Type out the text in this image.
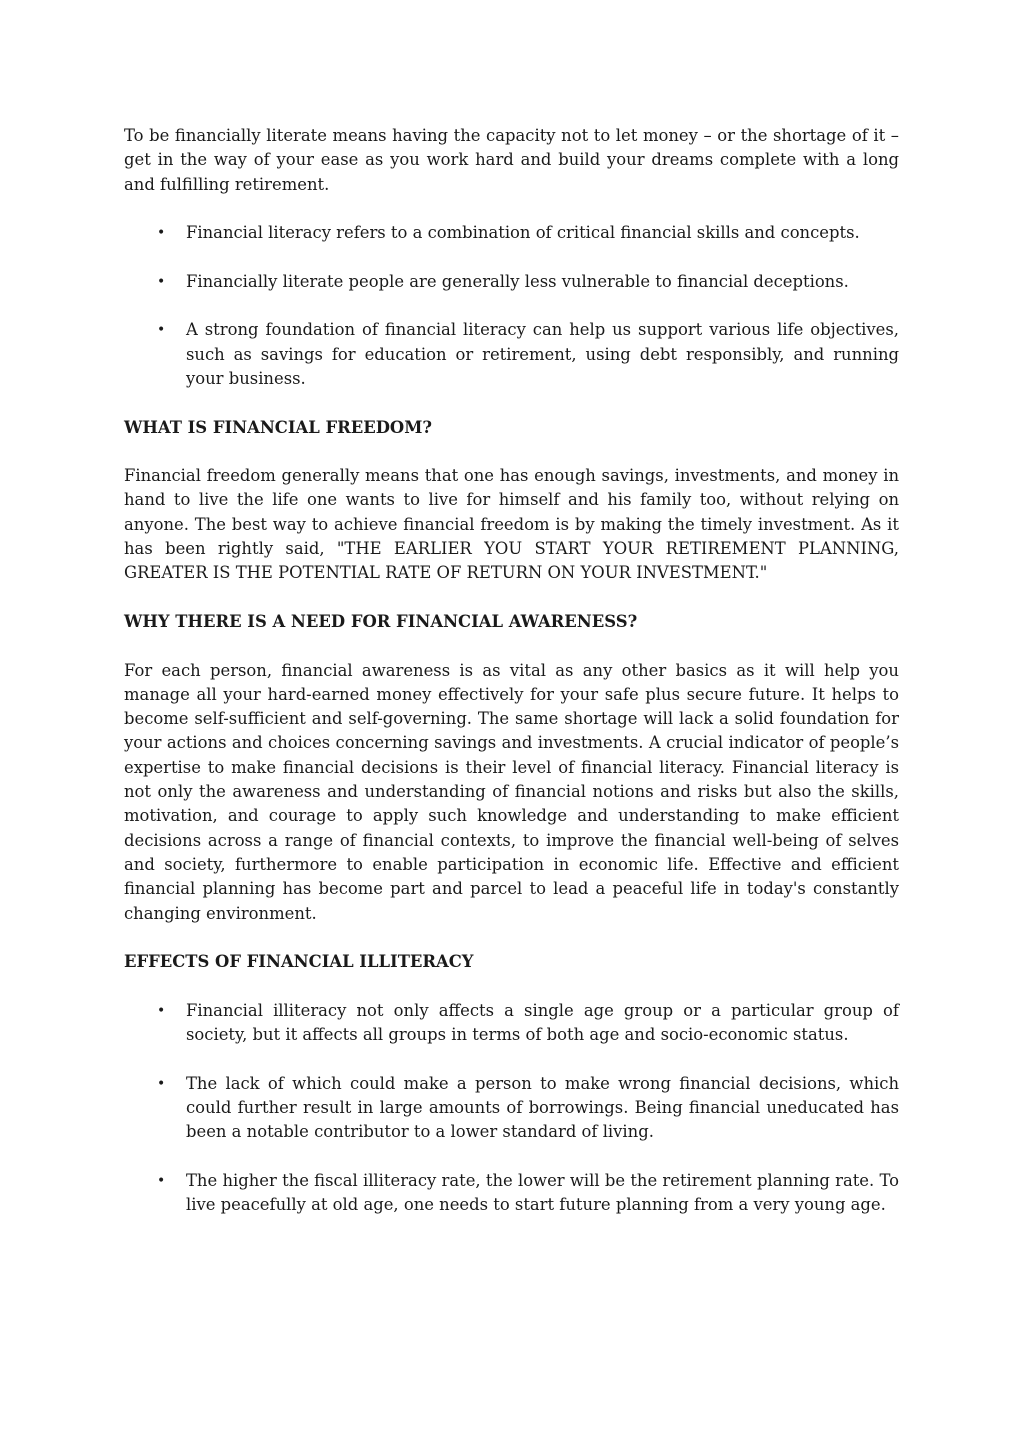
To be financially literate means having the capacity not to let money – or the shortage of it – get in the way of your ease as you work hard and build your dreams complete with a long and fulfilling retirement.

• Financial literacy refers to a combination of critical financial skills and concepts.
• Financially literate people are generally less vulnerable to financial deceptions.
• A strong foundation of financial literacy can help us support various life objectives, such as savings for education or retirement, using debt responsibly, and running your business.
WHAT IS FINANCIAL FREEDOM?

Financial freedom generally means that one has enough savings, investments, and money in hand to live the life one wants to live for himself and his family too, without relying on anyone. The best way to achieve financial freedom is by making the timely investment. As it has been rightly said, "THE EARLIER YOU START YOUR RETIREMENT PLANNING, GREATER IS THE POTENTIAL RATE OF RETURN ON YOUR INVESTMENT."

WHY THERE IS A NEED FOR FINANCIAL AWARENESS?

For each person, financial awareness is as vital as any other basics as it will help you manage all your hard-earned money effectively for your safe plus secure future. It helps to become self-sufficient and self-governing. The same shortage will lack a solid foundation for your actions and choices concerning savings and investments. A crucial indicator of people’s expertise to make financial decisions is their level of financial literacy. Financial literacy is not only the awareness and understanding of financial notions and risks but also the skills, motivation, and courage to apply such knowledge and understanding to make efficient decisions across a range of financial contexts, to improve the financial well-being of selves and society, furthermore to enable participation in economic life. Effective and efficient financial planning has become part and parcel to lead a peaceful life in today's constantly changing environment.

EFFECTS OF FINANCIAL ILLITERACY
• Financial illiteracy not only affects a single age group or a particular group of society, but it affects all groups in terms of both age and socio-economic status.
• The lack of which could make a person to make wrong financial decisions, which could further result in large amounts of borrowings. Being financial uneducated has been a notable contributor to a lower standard of living.
• The higher the fiscal illiteracy rate, the lower will be the retirement planning rate. To live peacefully at old age, one needs to start future planning from a very young age.
